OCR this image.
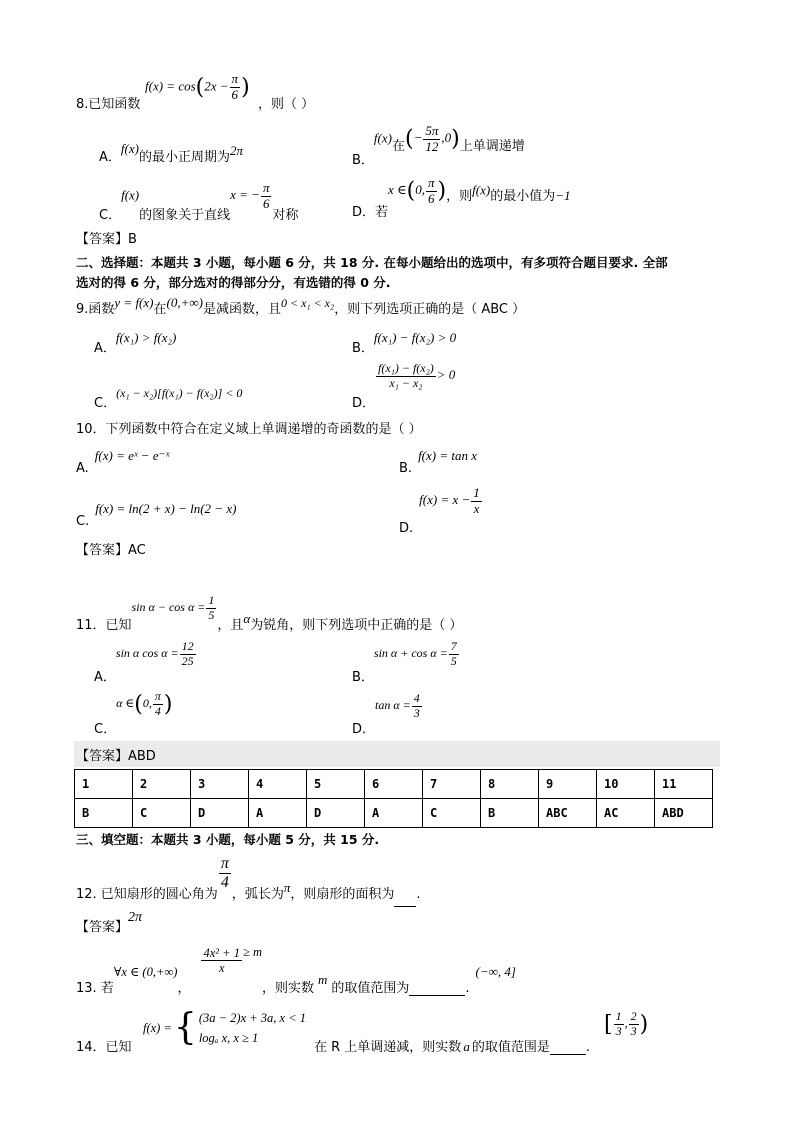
8.已知函数
$f(x) = \cos(2x - \frac{\pi}{6}$ )
，则（ ）
A．f(x)的最小正周期为2π
B．f(x)在(− $\frac{5\pi}{12} ,0$)上单调递增
C．f(x)的图象关于直线x = − $\frac{\pi}{6}$
对称	D．若x ∈(0, $\frac{\pi}{6}$ )，则f(x)的最小值为−1
【答案】B
二、选择题：本题共 3 小题，每小题 6 分，共 18 分. 在每小题给出的选项中，有多项符合题目要求. 全部
选对的得 6 分，部分选对的得部分分，有选错的得 0 分.
9.函数y = f(x)在(0,+∞)是减函数，且0 < x₁ < x₂，则下列选项正确的是（ ABC ）
A．f(x₁) > f(x₂)
B．f(x₁) − f(x₂) > 0
C．(x₁ − x₂)[f(x₁) − f(x₂)] < 0
D．
$\frac{\text{f(x₁) − f(x₂)}}{\text{x₁ − x₂}} > 0$
10．下列函数中符合在定义域上单调递增的奇函数的是（ ）
A.f(x) = eˣ − e⁻ˣ
B.f(x) = tan x
C.f(x) = ln(2 + x) − ln(2 − x)
$D.f(x) = x - \frac{1}{x}$
【答案】AC
11．已知$\sin \alpha - \cos \alpha = \frac{1}{5}$
，且α为锐角，则下列选项中正确的是（ ）
A．sin α $\cos \alpha = \frac{12}{25}$
B．$\sin \alpha + \cos \alpha = \frac{7}{5}$
C．α ∈(0, $\frac{\pi}{4}$ )
D．$\tan \alpha = \frac{4}{3}$
【答案】ABD
1	2	3	4	5	6	7	8	9	10	11
B	C	D	A	D	A	C	B	ABC	AC	ABD
三、填空题：本题共 3 小题，每小题 5 分，共 15 分.
12. 已知扇形的圆心角为
$\frac{\pi}{4}$
，弧长为π，则扇形的面积为 .
【答案】2π
13. 若∀x ∈ (0,+∞)，
$\frac{\text{4x² + 1}}{x} \ge m$，则实数m的取值范围为	.(−∞, 4]
14．已知
f(x) = { (3a − 2)x + 3a, x < 1
logₐ x, x ≥ 1
在 R 上单调递减，则实数 a 的取值范围是	.
[ $\frac{1}{3}$ , $\frac{2}{3}$ )
